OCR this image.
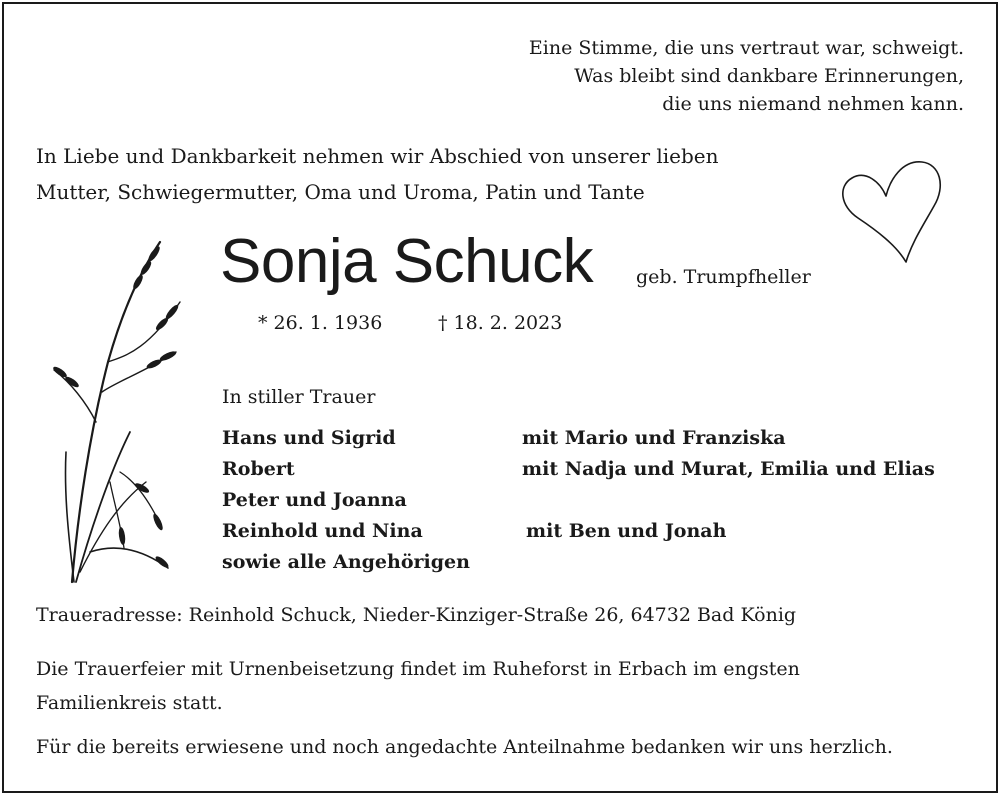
Eine Stimme, die uns vertraut war, schweigt.
Was bleibt sind dankbare Erinnerungen,
die uns niemand nehmen kann.
In Liebe und Dankbarkeit nehmen wir Abschied von unserer lieben
Mutter, Schwiegermutter, Oma und Uroma, Patin und Tante
Sonja Schuck geb. Trumpfheller
* 26. 1. 1936	† 18. 2. 2023
In stiller Trauer
Hans und Sigrid
Robert
Peter und Joanna
Reinhold und Nina
sowie alle Angehörigen
mit Mario und Franziska
mit Nadja und Murat, Emilia und Elias

mit Ben und Jonah
Traueradresse: Reinhold Schuck, Nieder-Kinziger-Straße 26, 64732 Bad König
Die Trauerfeier mit Urnenbeisetzung findet im Ruheforst in Erbach im engsten
Familienkreis statt.
Für die bereits erwiesene und noch angedachte Anteilnahme bedanken wir uns herzlich.
